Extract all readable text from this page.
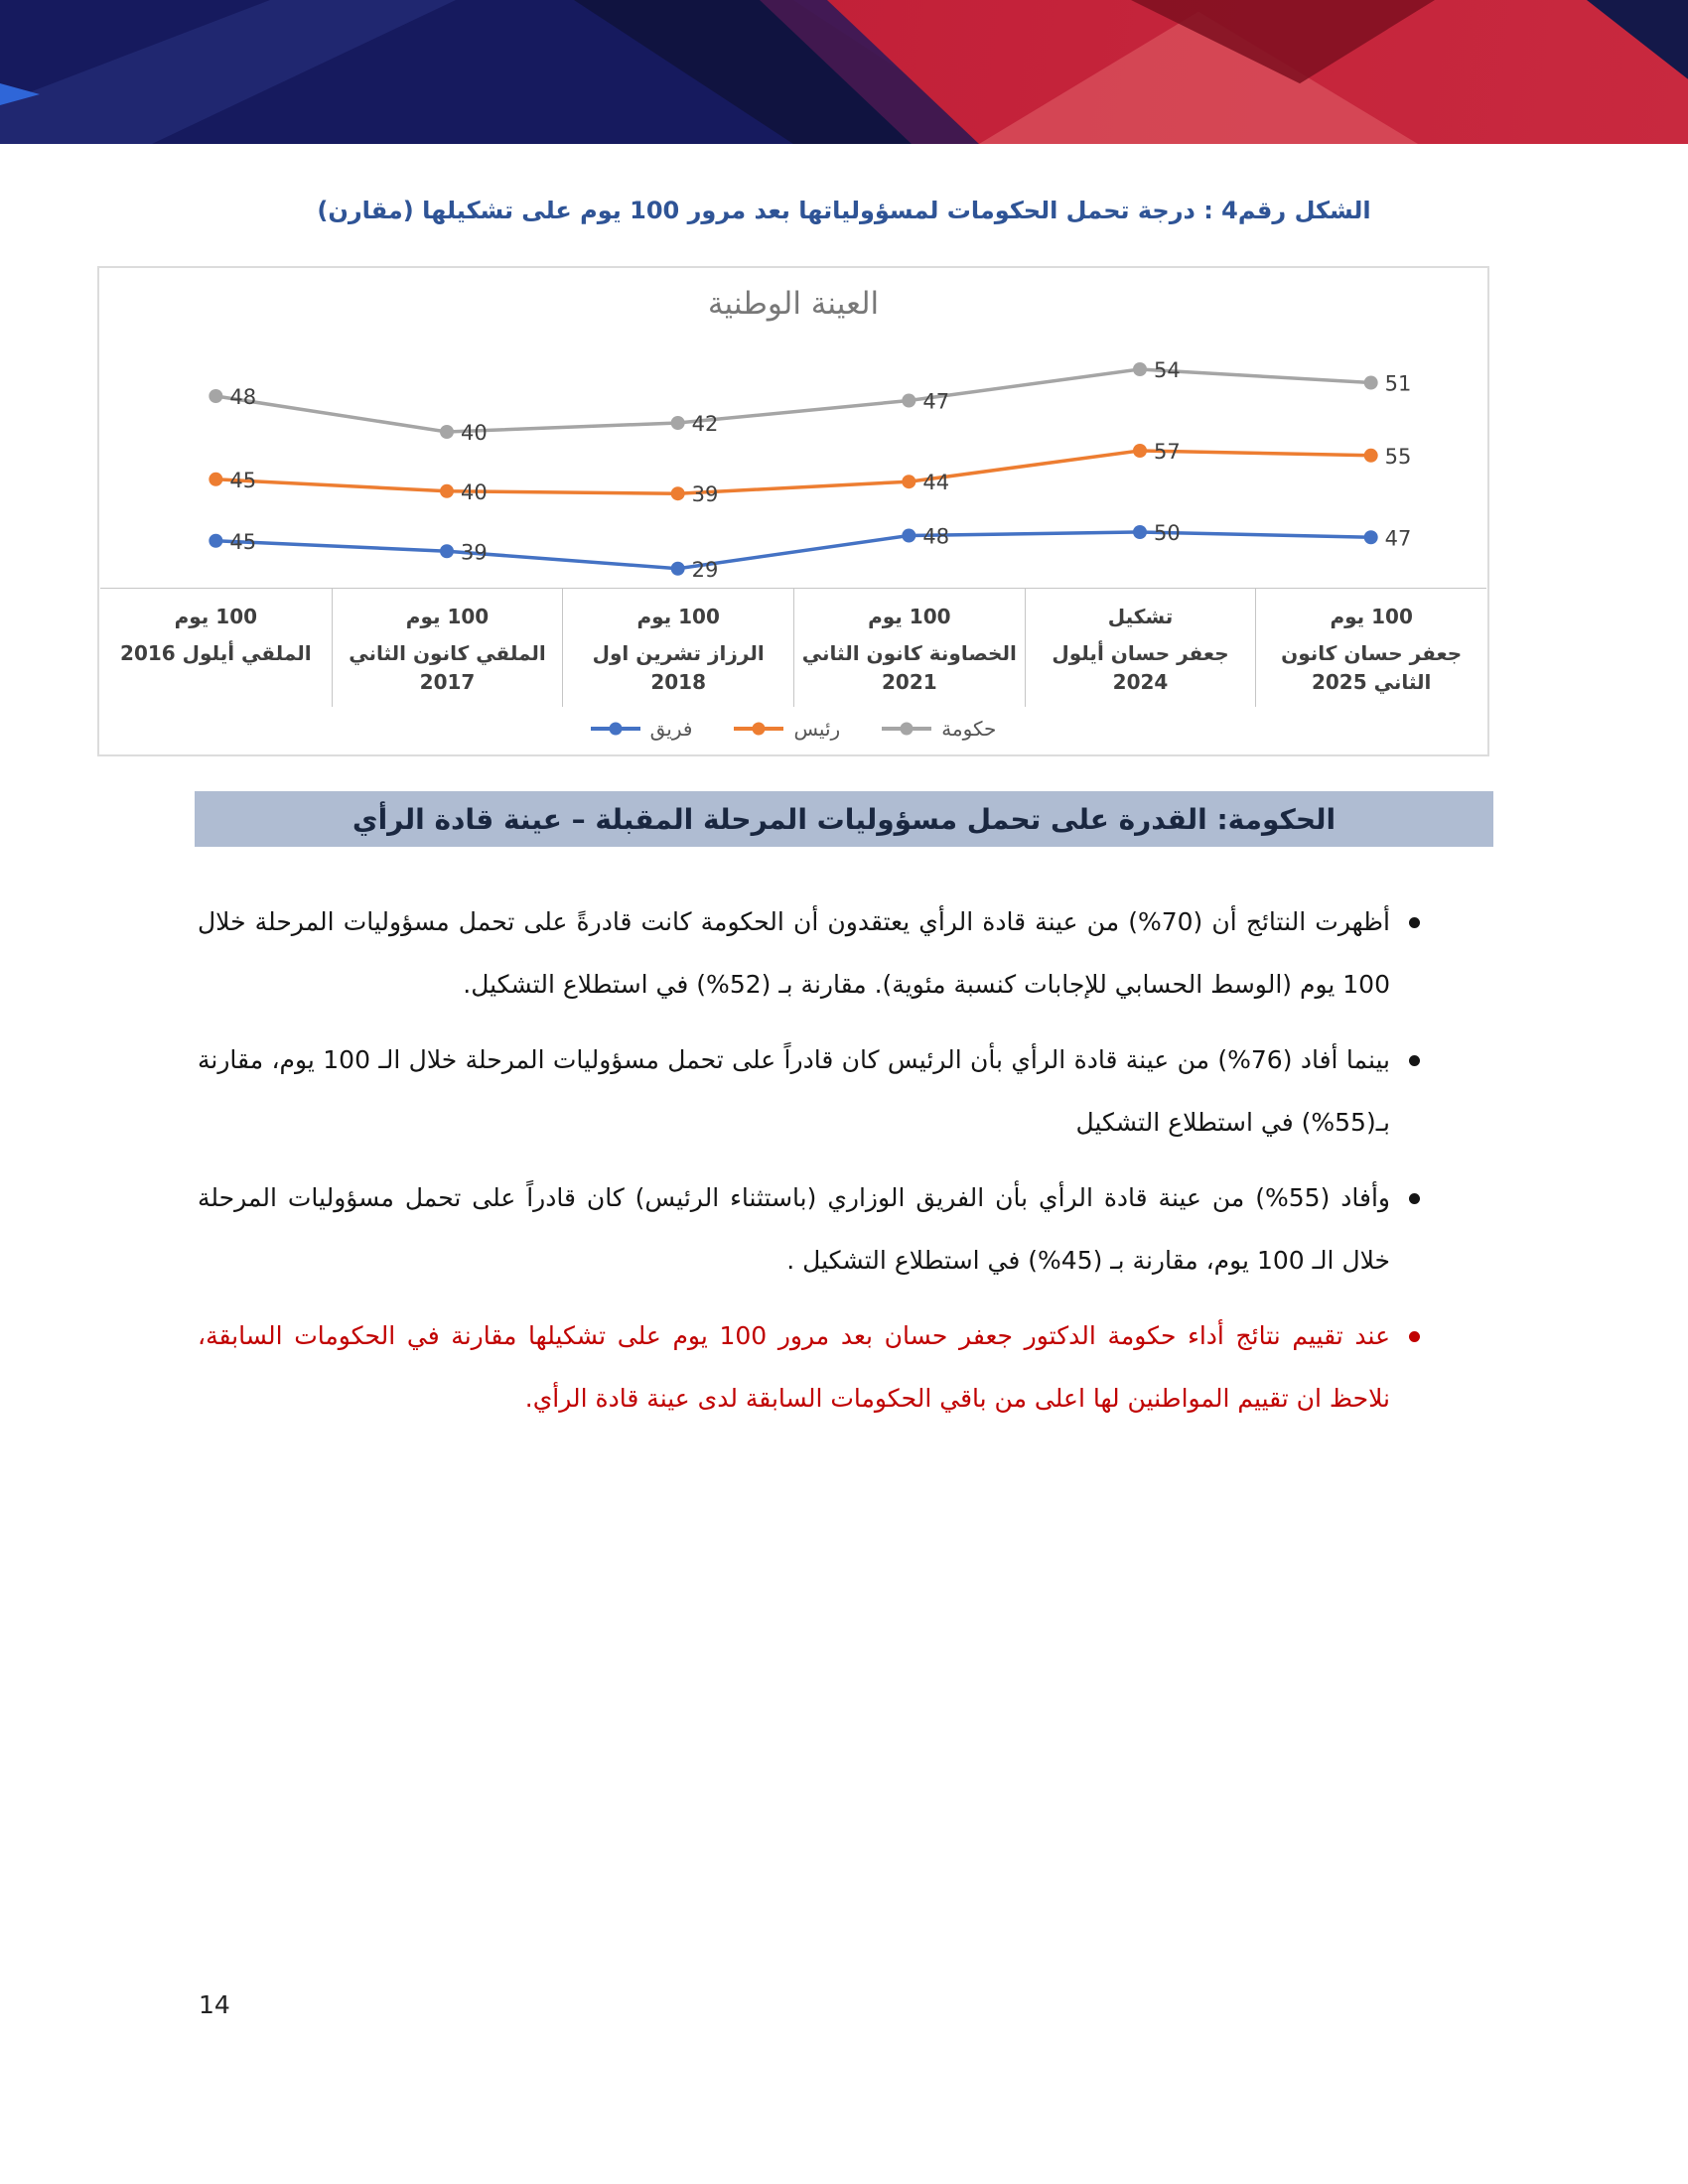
الشكل رقم4 : درجة تحمل الحكومات لمسؤولياتها بعد مرور 100 يوم على تشكيلها (مقارن)
العينة الوطنية
45	39
29
48	50	47
45	40	39	44
57	55
48
40	42
47
54
51
100 يوم
الملقي أيلول 2016
100 يوم
الملقي كانون الثاني 2017
100 يوم
الرزاز تشرين اول 2018
100 يوم
الخصاونة كانون الثاني 2021
تشكيل
جعفر حسان أيلول 2024
100 يوم
جعفر حسان كانون الثاني 2025
فريق	رئيس	حكومة
الحكومة: القدرة على تحمل مسؤوليات المرحلة المقبلة – عينة قادة الرأي
أظهرت النتائج أن (70%) من عينة قادة الرأي يعتقدون أن الحكومة كانت قادرةً على تحمل مسؤوليات المرحلة خلال 100 يوم (الوسط الحسابي للإجابات كنسبة مئوية). مقارنة بـ (52%) في استطلاع التشكيل.
بينما أفاد (76%) من عينة قادة الرأي بأن الرئيس كان قادراً على تحمل مسؤوليات المرحلة خلال الـ 100 يوم، مقارنة بـ(55%) في استطلاع التشكيل
وأفاد (55%) من عينة قادة الرأي بأن الفريق الوزاري (باستثناء الرئيس) كان قادراً على تحمل مسؤوليات المرحلة خلال الـ 100 يوم، مقارنة بـ (45%) في استطلاع التشكيل .
عند تقييم نتائج أداء حكومة الدكتور جعفر حسان بعد مرور 100 يوم على تشكيلها مقارنة في الحكومات السابقة، نلاحظ ان تقييم المواطنين لها اعلى من باقي الحكومات السابقة لدى عينة قادة الرأي.
14
